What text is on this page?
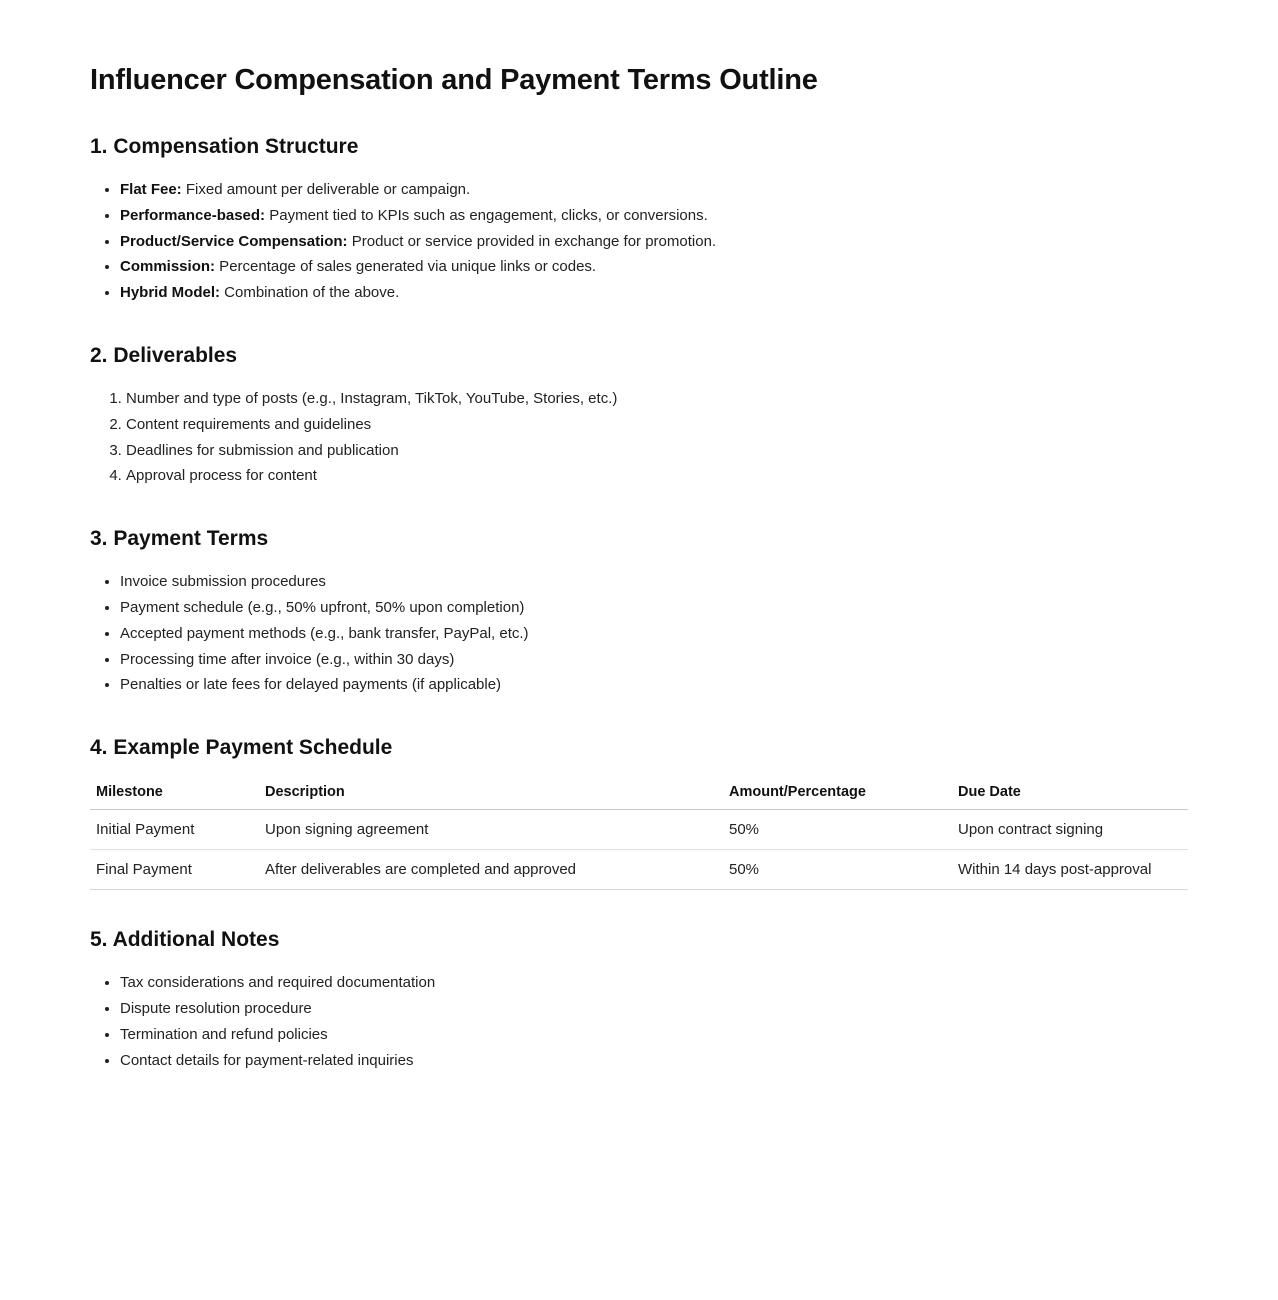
Influencer Compensation and Payment Terms Outline
1. Compensation Structure
• Flat Fee: Fixed amount per deliverable or campaign.
• Performance-based: Payment tied to KPIs such as engagement, clicks, or conversions.
• Product/Service Compensation: Product or service provided in exchange for promotion.
• Commission: Percentage of sales generated via unique links or codes.
• Hybrid Model: Combination of the above.
2. Deliverables
1. Number and type of posts (e.g., Instagram, TikTok, YouTube, Stories, etc.)
2. Content requirements and guidelines
3. Deadlines for submission and publication
4. Approval process for content
3. Payment Terms
• Invoice submission procedures
• Payment schedule (e.g., 50% upfront, 50% upon completion)
• Accepted payment methods (e.g., bank transfer, PayPal, etc.)
• Processing time after invoice (e.g., within 30 days)
• Penalties or late fees for delayed payments (if applicable)
4. Example Payment Schedule
Milestone	Description	Amount/Percentage	Due Date
Initial Payment	Upon signing agreement	50%	Upon contract signing
Final Payment	After deliverables are completed and approved	50%	Within 14 days post-approval
5. Additional Notes
• Tax considerations and required documentation
• Dispute resolution procedure
• Termination and refund policies
• Contact details for payment-related inquiries
